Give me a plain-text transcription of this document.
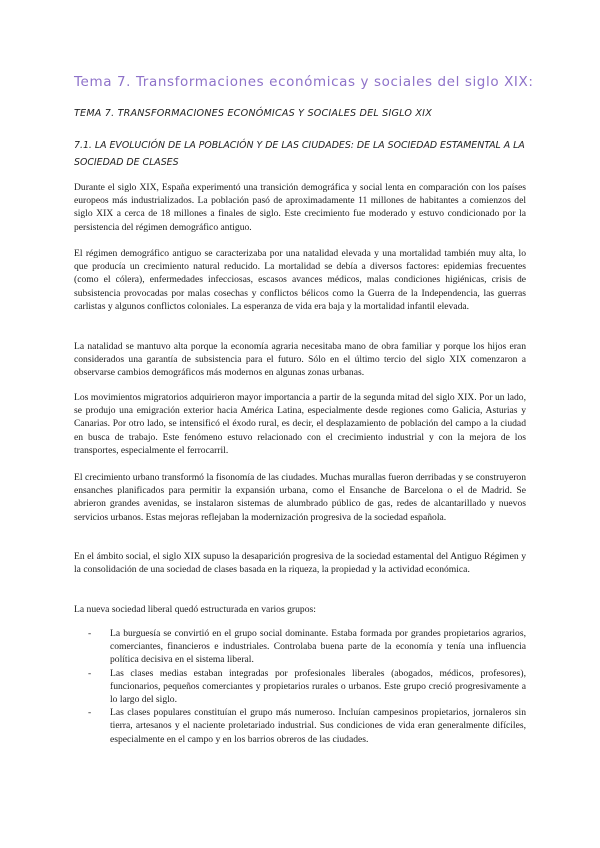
Tema 7. Transformaciones económicas y sociales del siglo XIX:
TEMA 7. TRANSFORMACIONES ECONÓMICAS Y SOCIALES DEL SIGLO XIX
7.1. LA EVOLUCIÓN DE LA POBLACIÓN Y DE LAS CIUDADES: DE LA SOCIEDAD ESTAMENTAL A LA SOCIEDAD DE CLASES

Durante el siglo XIX, España experimentó una transición demográfica y social lenta en comparación con los países europeos más industrializados. La población pasó de aproximadamente 11 millones de habitantes a comienzos del siglo XIX a cerca de 18 millones a finales de siglo. Este crecimiento fue moderado y estuvo condicionado por la persistencia del régimen demográfico antiguo.

El régimen demográfico antiguo se caracterizaba por una natalidad elevada y una mortalidad también muy alta, lo que producía un crecimiento natural reducido. La mortalidad se debía a diversos factores: epidemias frecuentes (como el cólera), enfermedades infecciosas, escasos avances médicos, malas condiciones higiénicas, crisis de subsistencia provocadas por malas cosechas y conflictos bélicos como la Guerra de la Independencia, las guerras carlistas y algunos conflictos coloniales. La esperanza de vida era baja y la mortalidad infantil elevada.

La natalidad se mantuvo alta porque la economía agraria necesitaba mano de obra familiar y porque los hijos eran considerados una garantía de subsistencia para el futuro. Sólo en el último tercio del siglo XIX comenzaron a observarse cambios demográficos más modernos en algunas zonas urbanas.

Los movimientos migratorios adquirieron mayor importancia a partir de la segunda mitad del siglo XIX. Por un lado, se produjo una emigración exterior hacia América Latina, especialmente desde regiones como Galicia, Asturias y Canarias. Por otro lado, se intensificó el éxodo rural, es decir, el desplazamiento de población del campo a la ciudad en busca de trabajo. Este fenómeno estuvo relacionado con el crecimiento industrial y con la mejora de los transportes, especialmente el ferrocarril.

El crecimiento urbano transformó la fisonomía de las ciudades. Muchas murallas fueron derribadas y se construyeron ensanches planificados para permitir la expansión urbana, como el Ensanche de Barcelona o el de Madrid. Se abrieron grandes avenidas, se instalaron sistemas de alumbrado público de gas, redes de alcantarillado y nuevos servicios urbanos. Estas mejoras reflejaban la modernización progresiva de la sociedad española.

En el ámbito social, el siglo XIX supuso la desaparición progresiva de la sociedad estamental del Antiguo Régimen y la consolidación de una sociedad de clases basada en la riqueza, la propiedad y la actividad económica.

La nueva sociedad liberal quedó estructurada en varios grupos:

- La burguesía se convirtió en el grupo social dominante. Estaba formada por grandes propietarios agrarios, comerciantes, financieros e industriales. Controlaba buena parte de la economía y tenía una influencia política decisiva en el sistema liberal.
- Las clases medias estaban integradas por profesionales liberales (abogados, médicos, profesores), funcionarios, pequeños comerciantes y propietarios rurales o urbanos. Este grupo creció progresivamente a lo largo del siglo.
- Las clases populares constituían el grupo más numeroso. Incluían campesinos propietarios, jornaleros sin tierra, artesanos y el naciente proletariado industrial. Sus condiciones de vida eran generalmente difíciles, especialmente en el campo y en los barrios obreros de las ciudades.
